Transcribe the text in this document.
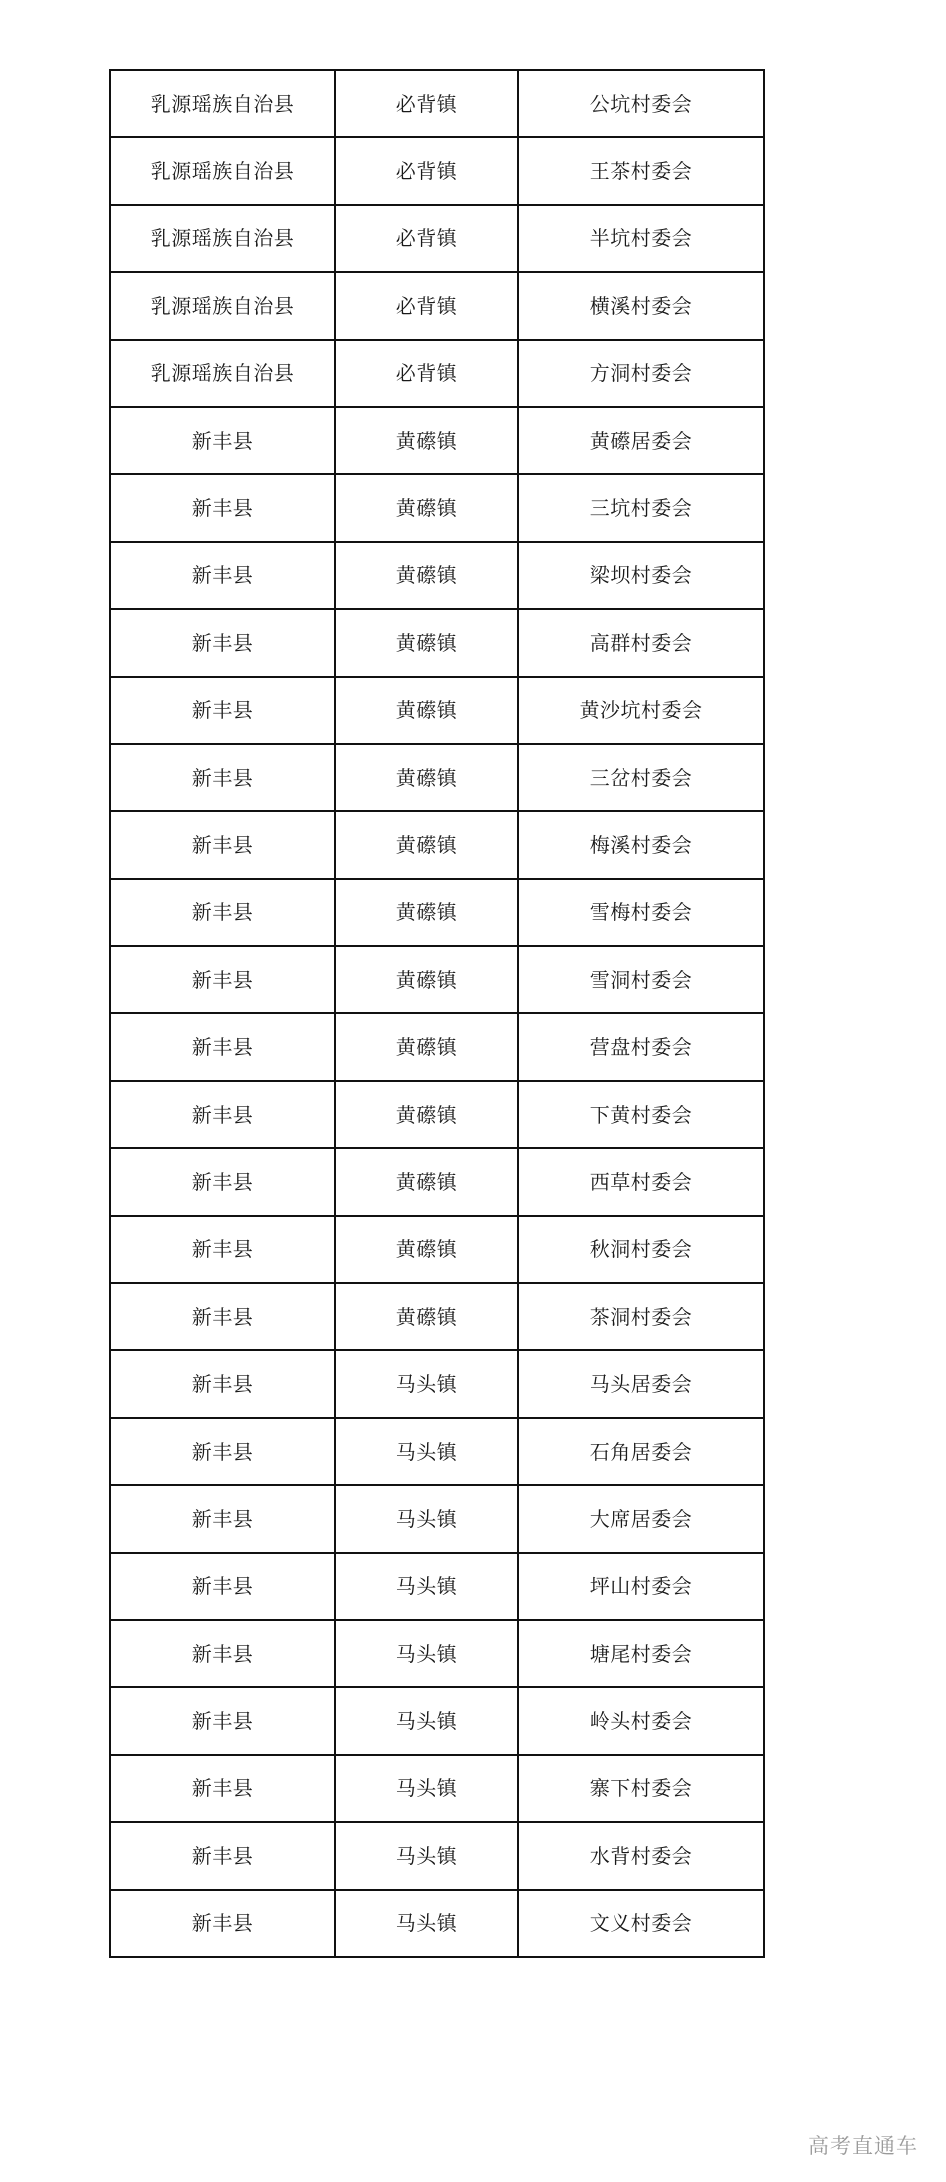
乳源瑶族自治县	必背镇	公坑村委会
乳源瑶族自治县	必背镇	王茶村委会
乳源瑶族自治县	必背镇	半坑村委会
乳源瑶族自治县	必背镇	横溪村委会
乳源瑶族自治县	必背镇	方洞村委会
新丰县	黄礤镇	黄礤居委会
新丰县	黄礤镇	三坑村委会
新丰县	黄礤镇	梁坝村委会
新丰县	黄礤镇	高群村委会
新丰县	黄礤镇	黄沙坑村委会
新丰县	黄礤镇	三岔村委会
新丰县	黄礤镇	梅溪村委会
新丰县	黄礤镇	雪梅村委会
新丰县	黄礤镇	雪洞村委会
新丰县	黄礤镇	营盘村委会
新丰县	黄礤镇	下黄村委会
新丰县	黄礤镇	西草村委会
新丰县	黄礤镇	秋洞村委会
新丰县	黄礤镇	茶洞村委会
新丰县	马头镇	马头居委会
新丰县	马头镇	石角居委会
新丰县	马头镇	大席居委会
新丰县	马头镇	坪山村委会
新丰县	马头镇	塘尾村委会
新丰县	马头镇	岭头村委会
新丰县	马头镇	寨下村委会
新丰县	马头镇	水背村委会
新丰县	马头镇	文义村委会
高考直通车
